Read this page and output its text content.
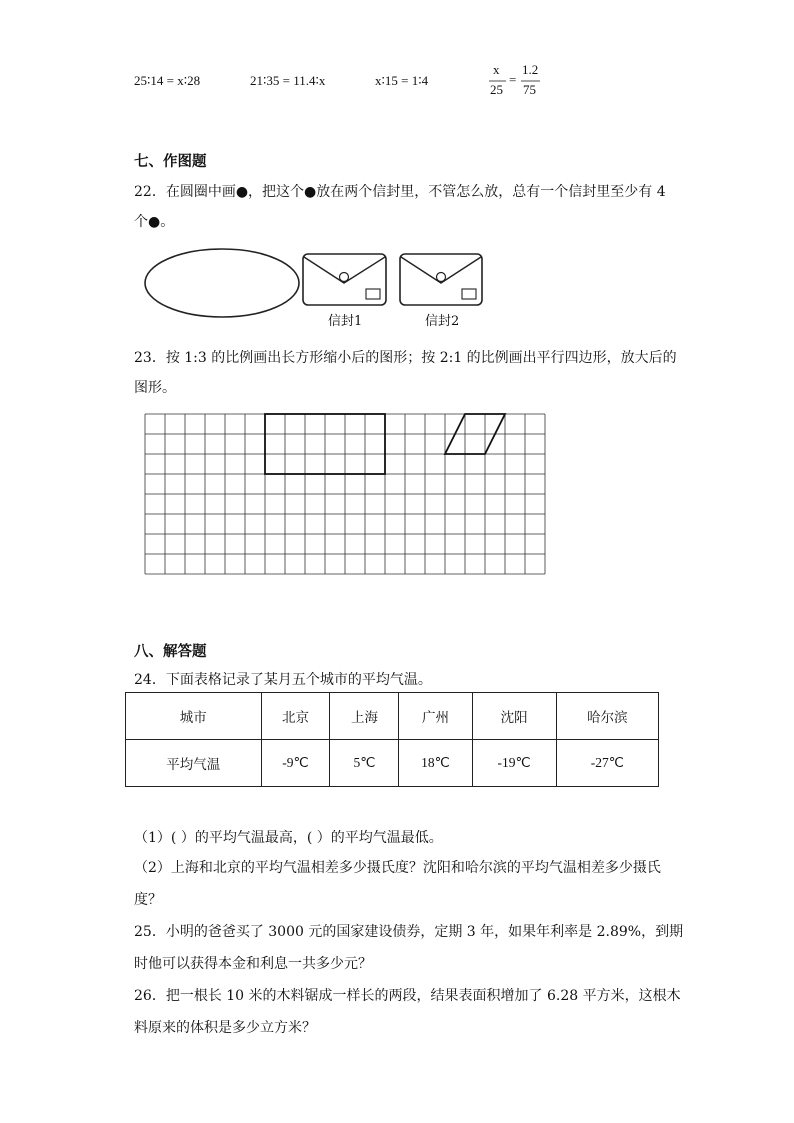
25∶14 = x∶28	21∶35 = 11.4∶x	x∶15 = 1∶4
x
25
=
1.2
75
七、作图题
22．在圆圈中画●，把这个●放在两个信封里，不管怎么放，总有一个信封里至少有 4
个●。
信封1	信封2
23．按 1:3 的比例画出长方形缩小后的图形；按 2:1 的比例画出平行四边形，放大后的
图形。
八、解答题
24．下面表格记录了某月五个城市的平均气温。
城市	北京	上海	广州	沈阳	哈尔滨
平均气温	-9℃	5℃	18℃	-19℃	-27℃
（1）( ）的平均气温最高，( ）的平均气温最低。
（2）上海和北京的平均气温相差多少摄氏度？沈阳和哈尔滨的平均气温相差多少摄氏
度？
25．小明的爸爸买了 3000 元的国家建设债券，定期 3 年，如果年利率是 2.89%，到期
时他可以获得本金和利息一共多少元？
26．把一根长 10 米的木料锯成一样长的两段，结果表面积增加了 6.28 平方米，这根木
料原来的体积是多少立方米？
